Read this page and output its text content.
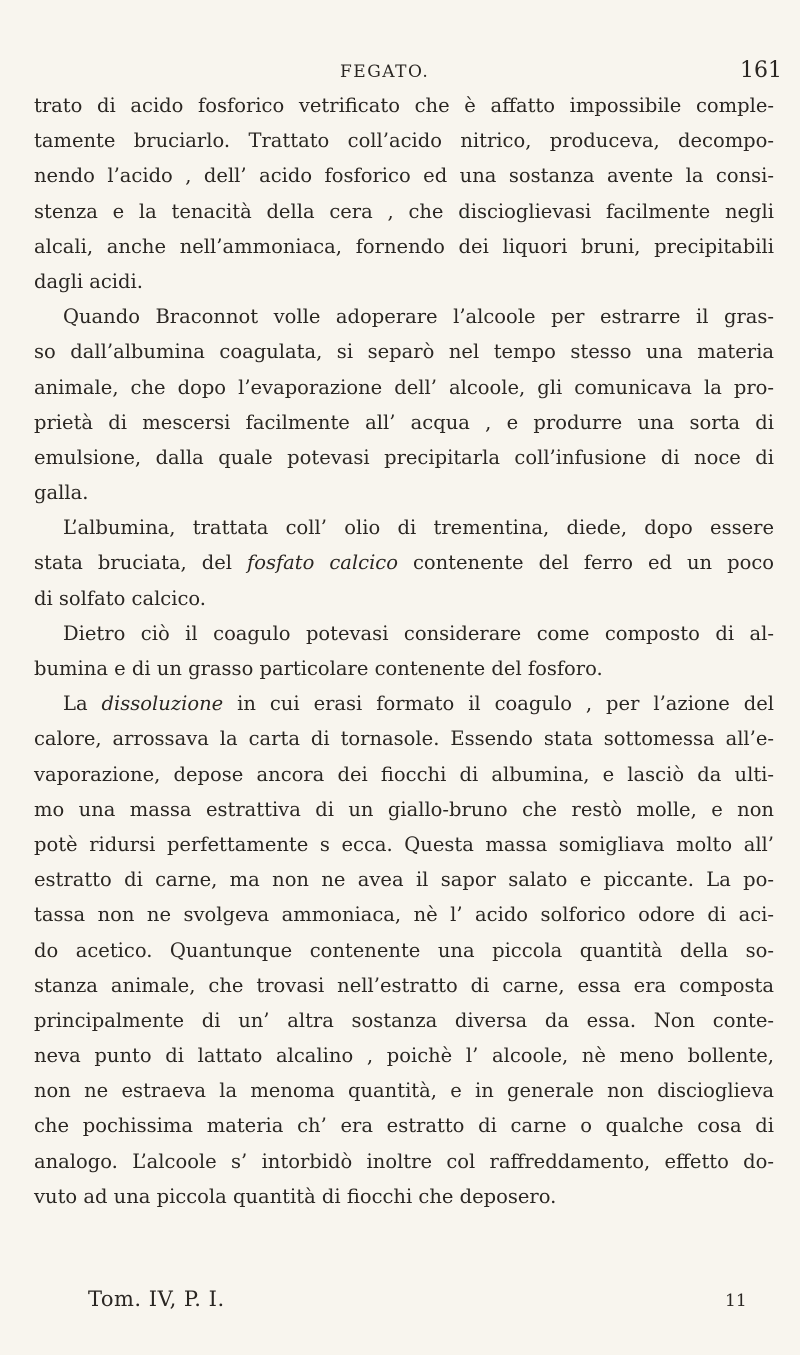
FEGATO.	161
trato di acido fosforico vetrificato che è affatto impossibile comple-
tamente bruciarlo. Trattato coll’acido nitrico, produceva, decompo-
nendo l’acido , dell’ acido fosforico ed una sostanza avente la consi-
stenza e la tenacità della cera , che discioglievasi facilmente negli
alcali, anche nell’ammoniaca, fornendo dei liquori bruni, precipitabili
dagli acidi.
Quando Braconnot volle adoperare l’alcoole per estrarre il gras-
so dall’albumina coagulata, si separò nel tempo stesso una materia
animale, che dopo l’evaporazione dell’ alcoole, gli comunicava la pro-
prietà di mescersi facilmente all’ acqua , e produrre una sorta di
emulsione, dalla quale potevasi precipitarla coll’infusione di noce di
galla.
L’albumina, trattata coll’ olio di trementina, diede, dopo essere
stata bruciata, del fosfato calcico contenente del ferro ed un poco
di solfato calcico.
Dietro ciò il coagulo potevasi considerare come composto di al-
bumina e di un grasso particolare contenente del fosforo.
La dissoluzione in cui erasi formato il coagulo , per l’azione del
calore, arrossava la carta di tornasole. Essendo stata sottomessa all’e-
vaporazione, depose ancora dei fiocchi di albumina, e lasciò da ulti-
mo una massa estrattiva di un giallo-bruno che restò molle, e non
potè ridursi perfettamente s ecca. Questa massa somigliava molto all’
estratto di carne, ma non ne avea il sapor salato e piccante. La po-
tassa non ne svolgeva ammoniaca, nè l’ acido solforico odore di aci-
do acetico. Quantunque contenente una piccola quantità della so-
stanza animale, che trovasi nell’estratto di carne, essa era composta
principalmente di un’ altra sostanza diversa da essa. Non conte-
neva punto di lattato alcalino , poichè l’ alcoole, nè meno bollente,
non ne estraeva la menoma quantità, e in generale non discioglieva
che pochissima materia ch’ era estratto di carne o qualche cosa di
analogo. L’alcoole s’ intorbidò inoltre col raffreddamento, effetto do-
vuto ad una piccola quantità di fiocchi che deposero.
Tom. IV, P. I.	11
